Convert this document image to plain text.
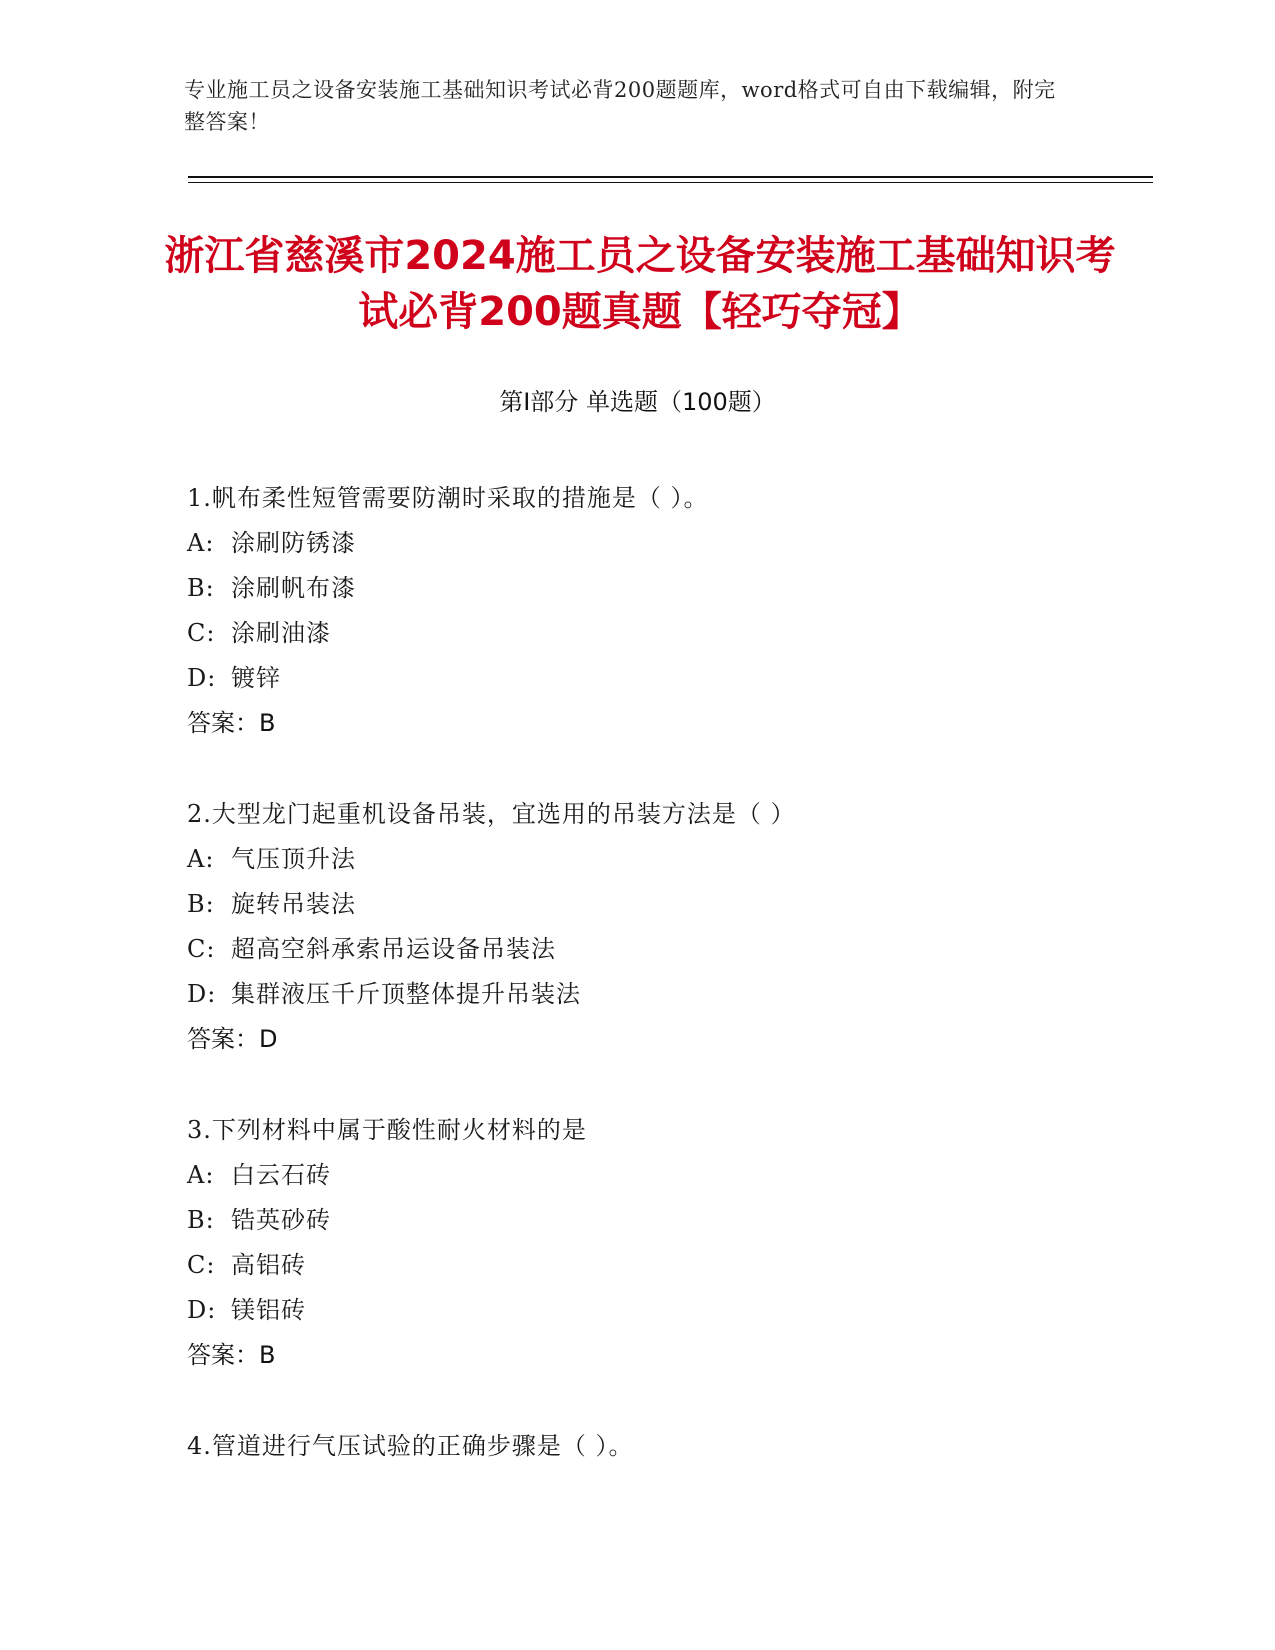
专业施工员之设备安装施工基础知识考试必背200题题库，word格式可自由下载编辑，附完整答案！
浙江省慈溪市2024施工员之设备安装施工基础知识考试必背200题真题【轻巧夺冠】
第Ⅰ部分 单选题（100题）
1.帆布柔性短管需要防潮时采取的措施是（ ）。
A: 涂刷防锈漆
B: 涂刷帆布漆
C: 涂刷油漆
D: 镀锌
答案：B
2.大型龙门起重机设备吊装，宜选用的吊装方法是（ ）
A: 气压顶升法
B: 旋转吊装法
C: 超高空斜承索吊运设备吊装法
D: 集群液压千斤顶整体提升吊装法
答案：D
3.下列材料中属于酸性耐火材料的是
A: 白云石砖
B: 锆英砂砖
C: 高铝砖
D: 镁铝砖
答案：B
4.管道进行气压试验的正确步骤是（ ）。
